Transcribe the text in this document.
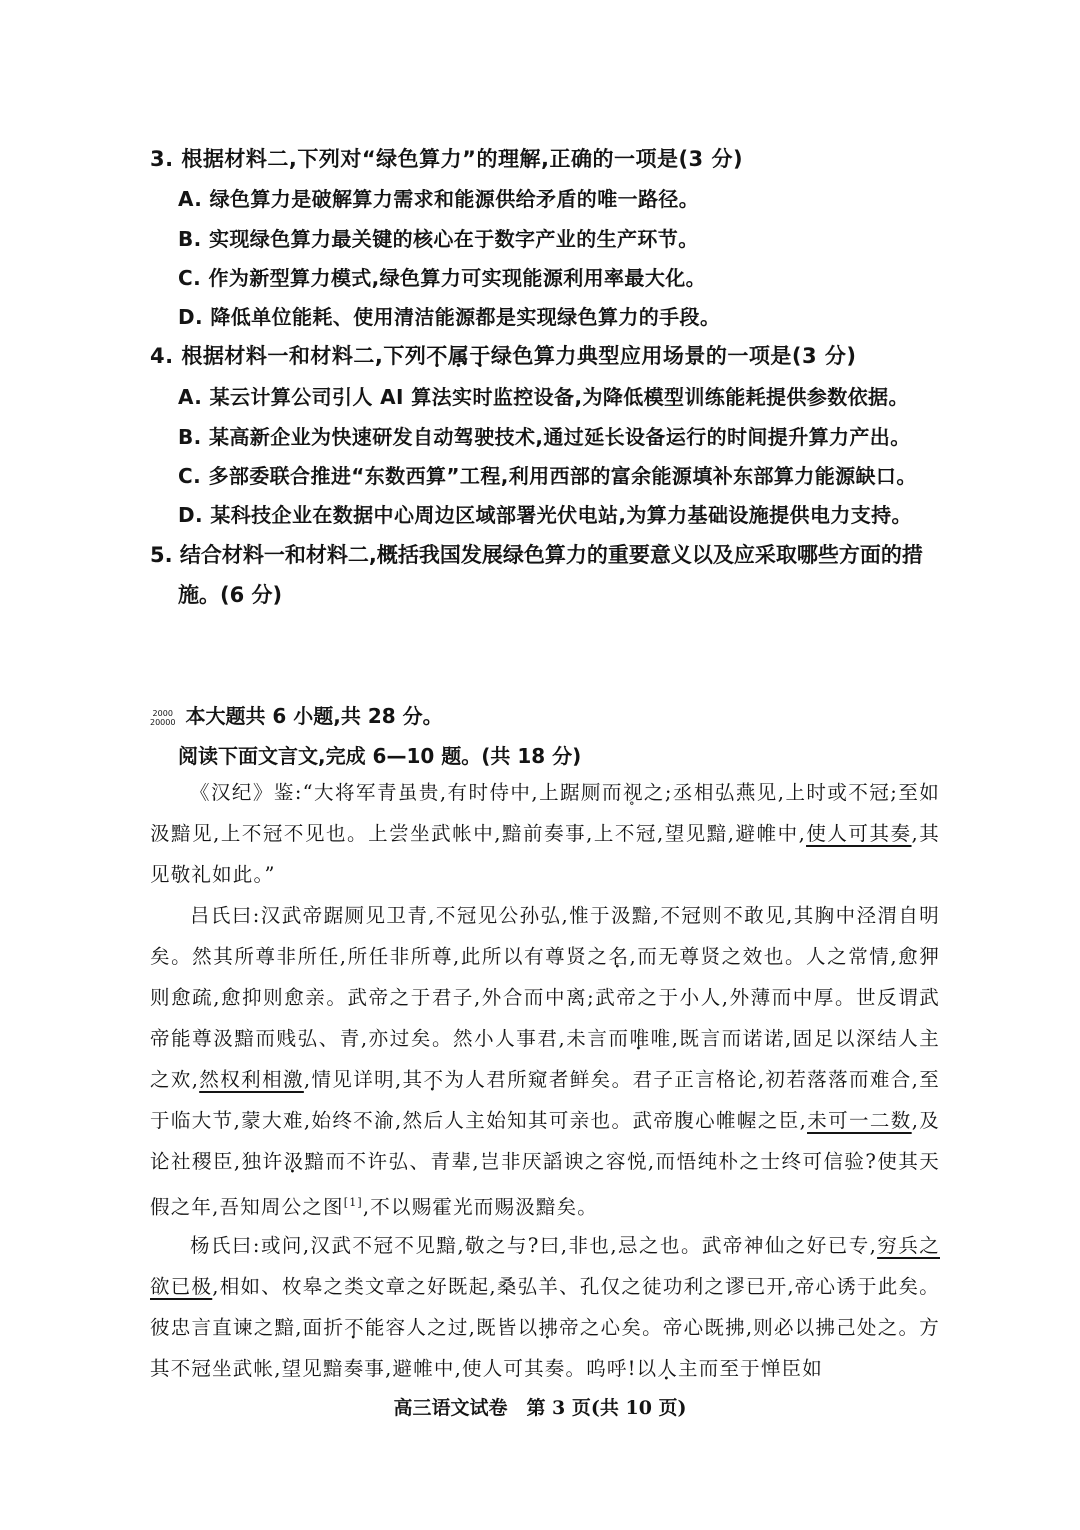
3. 根据材料二,下列对“绿色算力”的理解,正确的一项是(3 分)
A. 绿色算力是破解算力需求和能源供给矛盾的唯一路径。
B. 实现绿色算力最关键的核心在于数字产业的生产环节。
C. 作为新型算力模式,绿色算力可实现能源利用率最大化。
D. 降低单位能耗、使用清洁能源都是实现绿色算力的手段。
4. 根据材料一和材料二,下列不属于绿色算力典型应用场景的一项是(3 分)
A. 某云计算公司引人 AI 算法实时监控设备,为降低模型训练能耗提供参数依据。
B. 某高新企业为快速研发自动驾驶技术,通过延长设备运行的时间提升算力产出。
C. 多部委联合推进“东数西算”工程,利用西部的富余能源填补东部算力能源缺口。
D. 某科技企业在数据中心周边区域部署光伏电站,为算力基础设施提供电力支持。
5. 结合材料一和材料二,概括我国发展绿色算力的重要意义以及应采取哪些方面的措
施。(6 分)
2000
20000 本大题共 6 小题,共 28 分。
阅读下面文言文,完成 6—10 题。(共 18 分)
《汉纪》鉴:“大将军青虽贵,有时侍中,上踞厕而 ∘视之;丞相弘燕见,上时或不冠;至如汲黯见,上不冠不见也。上尝坐武帐中,黯前奏事,上不冠,望见黯,避帷中,使人可其奏,其见敬礼如此。”
吕氏曰:汉武帝踞厕见卫青,不冠见公孙弘,惟于汲黯,不冠则不敢见,其胸中泾渭自明矣。然其所尊非所任,所任非所尊,此所以有尊贤之名,而无尊贤之效也。人之常情,愈狎则愈疏,愈抑则愈亲。武帝之于君子,外合而中离;武帝之于小人,外薄而中厚。世反谓武帝能尊汲黯而贱弘、青,亦过矣。然小人事君,未言而唯唯,既言而诺诺,固足以深结人主之欢,然权利相激,情见详明,其不为人君所窥者鲜矣。君子正言格论,初若落落而难合,至于临大节,蒙大难,始终不渝,然后人主始知其可亲也。武帝腹心帷幄之臣,未可一二数,及论社稷臣,独许汲黯而不许弘、青辈,岂非厌謟谀之容悦,而悟纯朴之士终可信验?使其天假之年,吾知周公之图[1],不以赐霍光而赐汲黯矣。
杨氏曰:或问,汉武不冠不见黯,敬之与?曰,非也,忌之也。武帝神仙之好已专,穷兵之欲已极,相如、枚皋之类文章之好既起,桑弘羊、孔仅之徒功利之谬已开,帝心诱于此矣。彼忠言直谏之黯,面折不能容人之过,既皆以拂帝之心矣。帝心既拂,则必以拂己处之。方其不冠坐武帐,望见黯奏事,避帷中,使人可其奏。呜呼!以人主而至于惮臣如
高三语文试卷　第 3 页(共 10 页)
